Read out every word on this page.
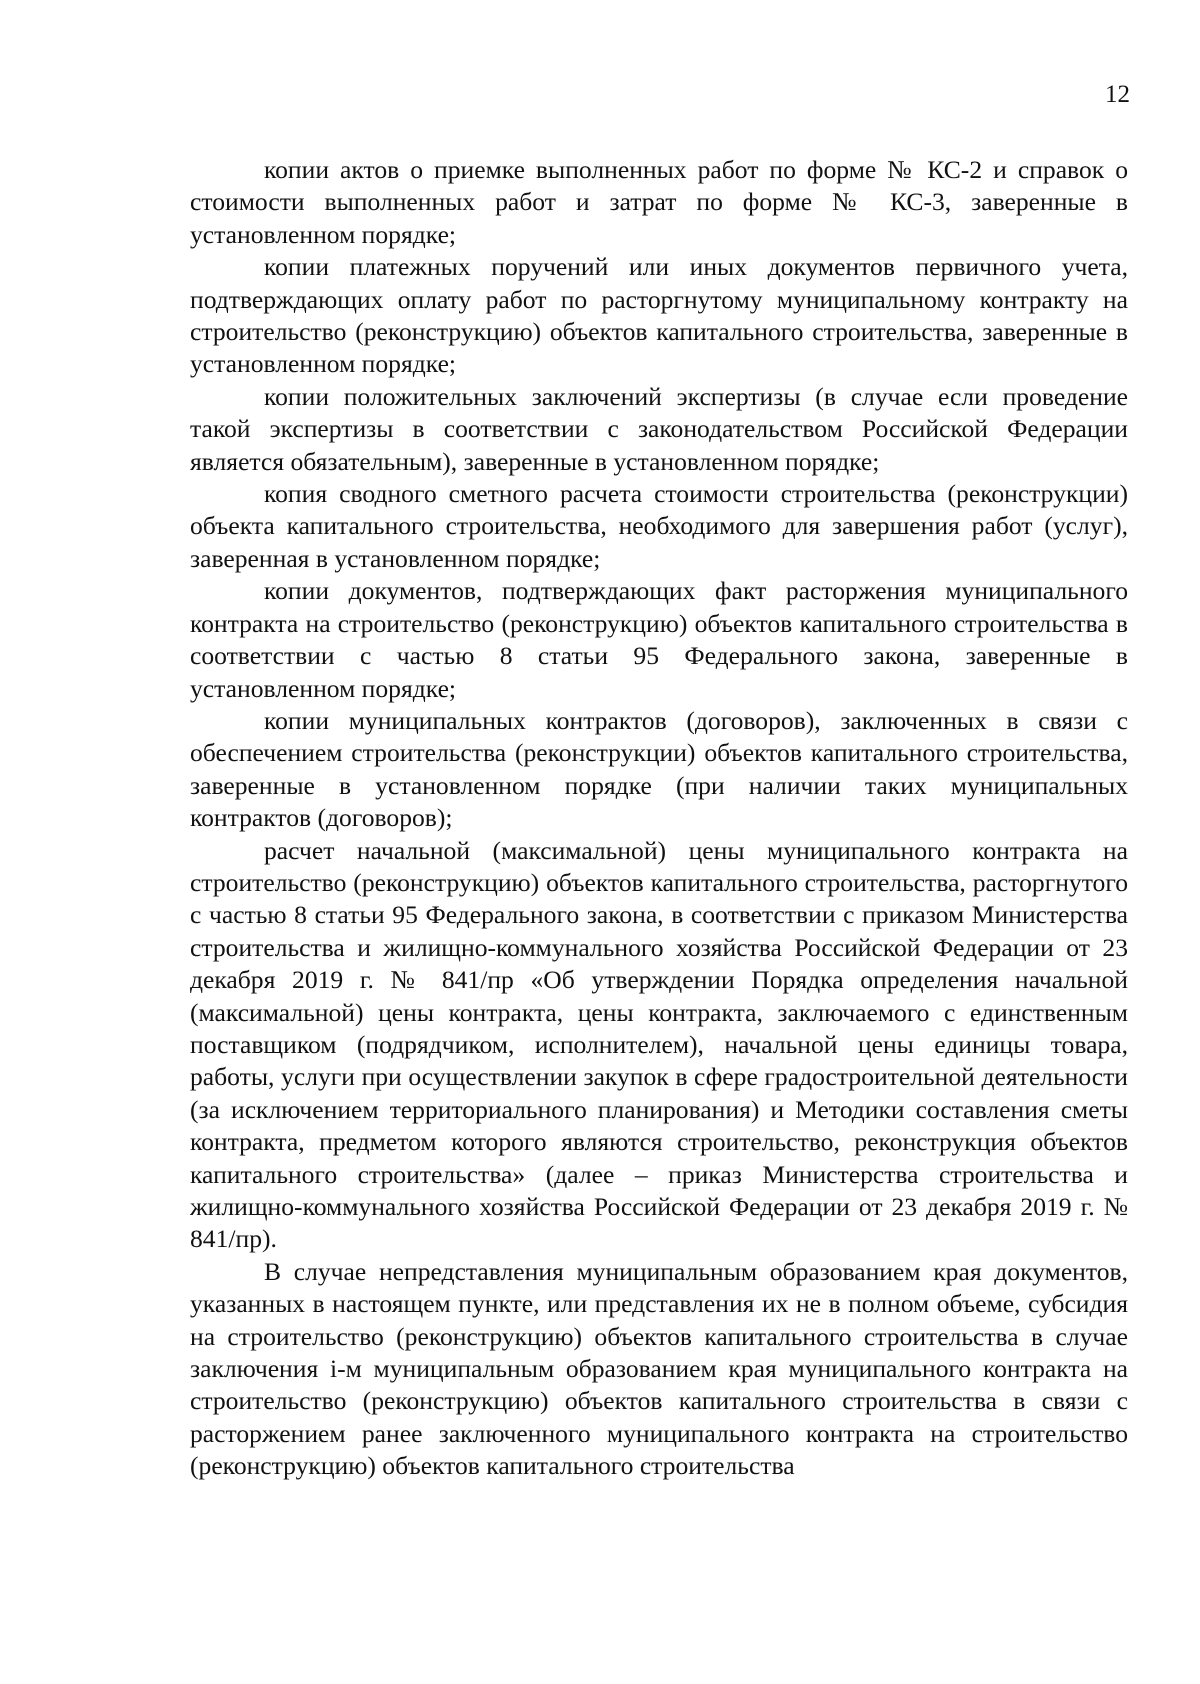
12

копии актов о приемке выполненных работ по форме № КС-2 и справок о стоимости выполненных работ и затрат по форме № КС-3, заверенные в установленном порядке;

копии платежных поручений или иных документов первичного учета, подтверждающих оплату работ по расторгнутому муниципальному контракту на строительство (реконструкцию) объектов капитального строительства, заверенные в установленном порядке;

копии положительных заключений экспертизы (в случае если проведение такой экспертизы в соответствии с законодательством Российской Федерации является обязательным), заверенные в установленном порядке;

копия сводного сметного расчета стоимости строительства (реконструкции) объекта капитального строительства, необходимого для завершения работ (услуг), заверенная в установленном порядке;

копии документов, подтверждающих факт расторжения муниципального контракта на строительство (реконструкцию) объектов капитального строительства в соответствии с частью 8 статьи 95 Федерального закона, заверенные в установленном порядке;

копии муниципальных контрактов (договоров), заключенных в связи с обеспечением строительства (реконструкции) объектов капитального строительства, заверенные в установленном порядке (при наличии таких муниципальных контрактов (договоров);

расчет начальной (максимальной) цены муниципального контракта на строительство (реконструкцию) объектов капитального строительства, расторгнутого с частью 8 статьи 95 Федерального закона, в соответствии с приказом Министерства строительства и жилищно-коммунального хозяйства Российской Федерации от 23 декабря 2019 г. № 841/пр «Об утверждении Порядка определения начальной (максимальной) цены контракта, цены контракта, заключаемого с единственным поставщиком (подрядчиком, исполнителем), начальной цены единицы товара, работы, услуги при осуществлении закупок в сфере градостроительной деятельности (за исключением территориального планирования) и Методики составления сметы контракта, предметом которого являются строительство, реконструкция объектов капитального строительства» (далее – приказ Министерства строительства и жилищно-коммунального хозяйства Российской Федерации от 23 декабря 2019 г. № 841/пр).

В случае непредставления муниципальным образованием края документов, указанных в настоящем пункте, или представления их не в полном объеме, субсидия на строительство (реконструкцию) объектов капитального строительства в случае заключения i-м муниципальным образованием края муниципального контракта на строительство (реконструкцию) объектов капитального строительства в связи с расторжением ранее заключенного муниципального контракта на строительство (реконструкцию) объектов капитального строительства
